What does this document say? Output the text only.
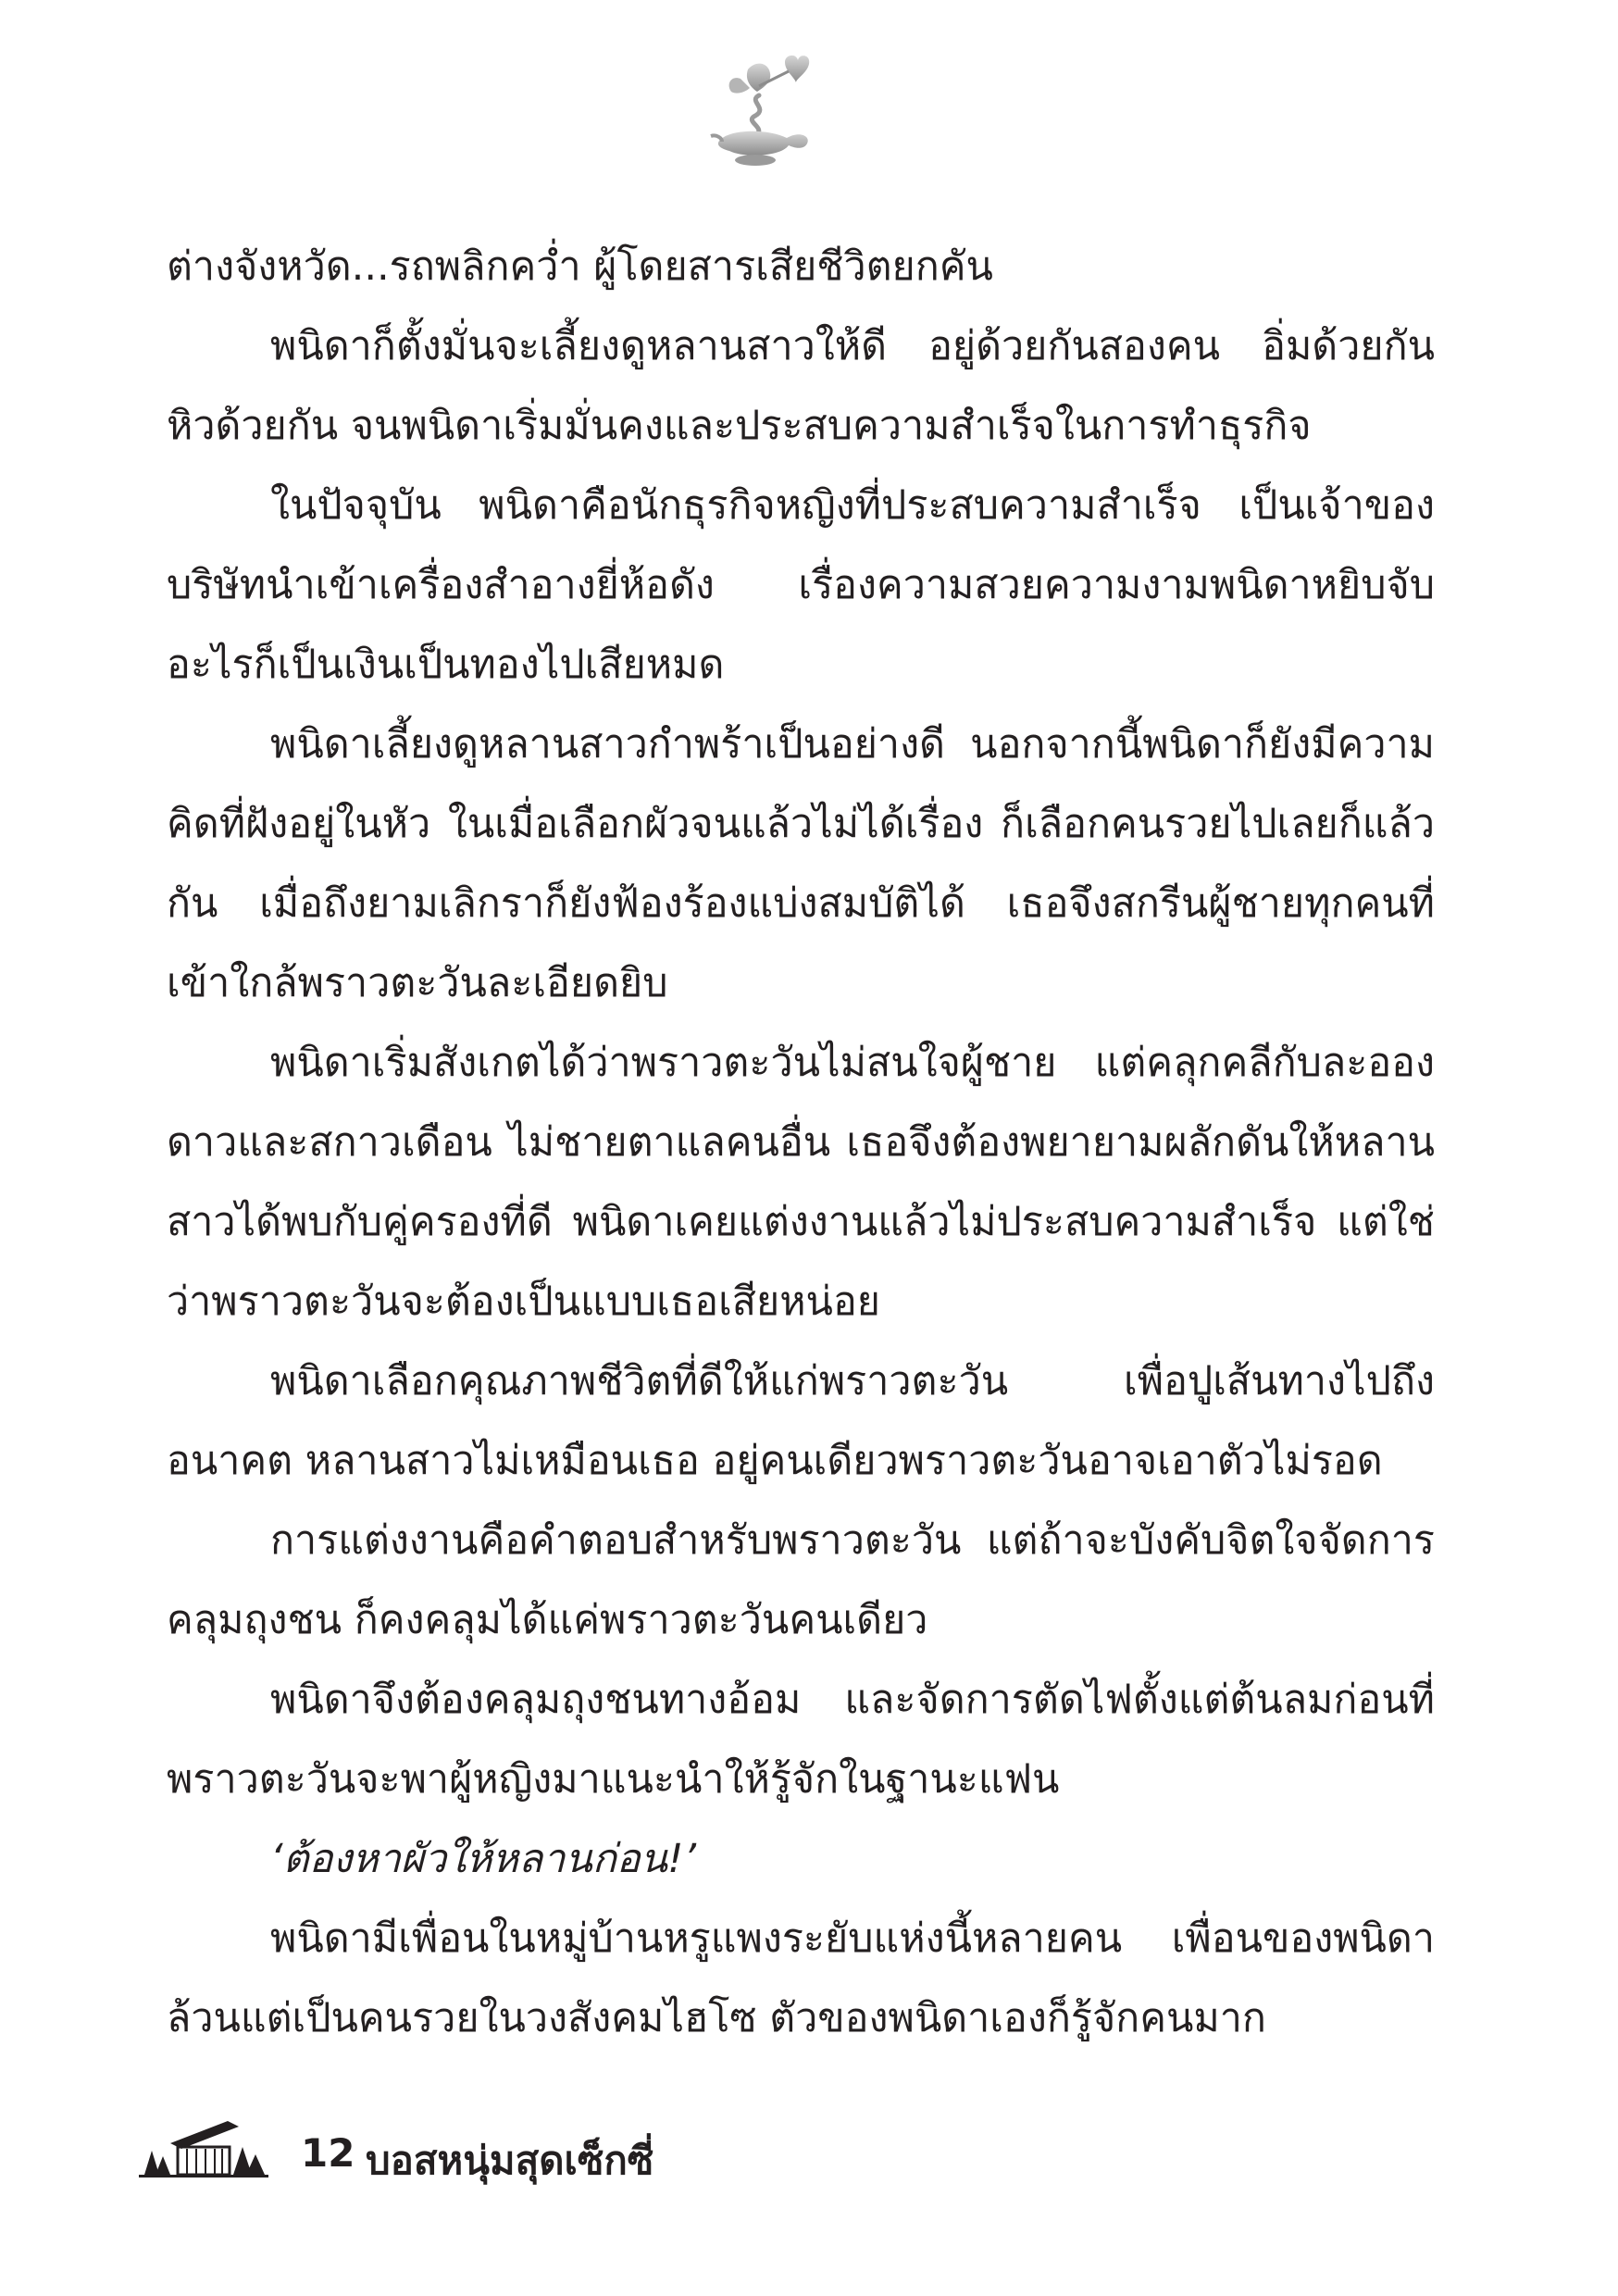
ต่างจังหวัด...รถพลิกคว่ำ ผู้โดยสารเสียชีวิตยกคัน

พนิดาก็ตั้งมั่นจะเลี้ยงดูหลานสาวให้ดี อยู่ด้วยกันสองคน อิ่มด้วยกัน หิวด้วยกัน จนพนิดาเริ่มมั่นคงและประสบความสำเร็จในการทำธุรกิจ

ในปัจจุบัน พนิดาคือนักธุรกิจหญิงที่ประสบความสำเร็จ เป็นเจ้าของบริษัทนำเข้าเครื่องสำอางยี่ห้อดัง เรื่องความสวยความงามพนิดาหยิบจับอะไรก็เป็นเงินเป็นทองไปเสียหมด

พนิดาเลี้ยงดูหลานสาวกำพร้าเป็นอย่างดี นอกจากนี้พนิดาก็ยังมีความคิดที่ฝังอยู่ในหัว ในเมื่อเลือกผัวจนแล้วไม่ได้เรื่อง ก็เลือกคนรวยไปเลยก็แล้วกัน เมื่อถึงยามเลิกราก็ยังฟ้องร้องแบ่งสมบัติได้ เธอจึงสกรีนผู้ชายทุกคนที่เข้าใกล้พราวตะวันละเอียดยิบ

พนิดาเริ่มสังเกตได้ว่าพราวตะวันไม่สนใจผู้ชาย แต่คลุกคลีกับละอองดาวและสกาวเดือน ไม่ชายตาแลคนอื่น เธอจึงต้องพยายามผลักดันให้หลานสาวได้พบกับคู่ครองที่ดี พนิดาเคยแต่งงานแล้วไม่ประสบความสำเร็จ แต่ใช่ว่าพราวตะวันจะต้องเป็นแบบเธอเสียหน่อย

พนิดาเลือกคุณภาพชีวิตที่ดีให้แก่พราวตะวัน เพื่อปูเส้นทางไปถึงอนาคต หลานสาวไม่เหมือนเธอ อยู่คนเดียวพราวตะวันอาจเอาตัวไม่รอด

การแต่งงานคือคำตอบสำหรับพราวตะวัน แต่ถ้าจะบังคับจิตใจจัดการคลุมถุงชน ก็คงคลุมได้แค่พราวตะวันคนเดียว

พนิดาจึงต้องคลุมถุงชนทางอ้อม และจัดการตัดไฟตั้งแต่ต้นลมก่อนที่พราวตะวันจะพาผู้หญิงมาแนะนำให้รู้จักในฐานะแฟน

‘ต้องหาผัวให้หลานก่อน!’

พนิดามีเพื่อนในหมู่บ้านหรูแพงระยับแห่งนี้หลายคน เพื่อนของพนิดาล้วนแต่เป็นคนรวยในวงสังคมไฮโซ ตัวของพนิดาเองก็รู้จักคนมาก

12 บอสหนุ่มสุดเซ็กซี่
